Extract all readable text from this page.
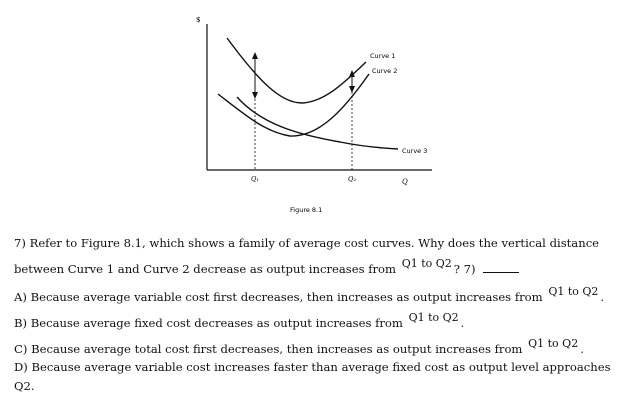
$
Q
Q₁	Q₂
Curve 1
Curve 2
Curve 3
Figure 8.1
7) Refer to Figure 8.1, which shows a family of average cost curves. Why does the vertical distance
between Curve 1 and Curve 2 decrease as output increases from Q1 to Q2 ? 7)
A) Because average variable cost first decreases, then increases as output increases from Q1 to Q2 .
B) Because average fixed cost decreases as output increases from Q1 to Q2 .
C) Because average total cost first decreases, then increases as output increases from Q1 to Q2 .
D) Because average variable cost increases faster than average fixed cost as output level approaches
Q2.
